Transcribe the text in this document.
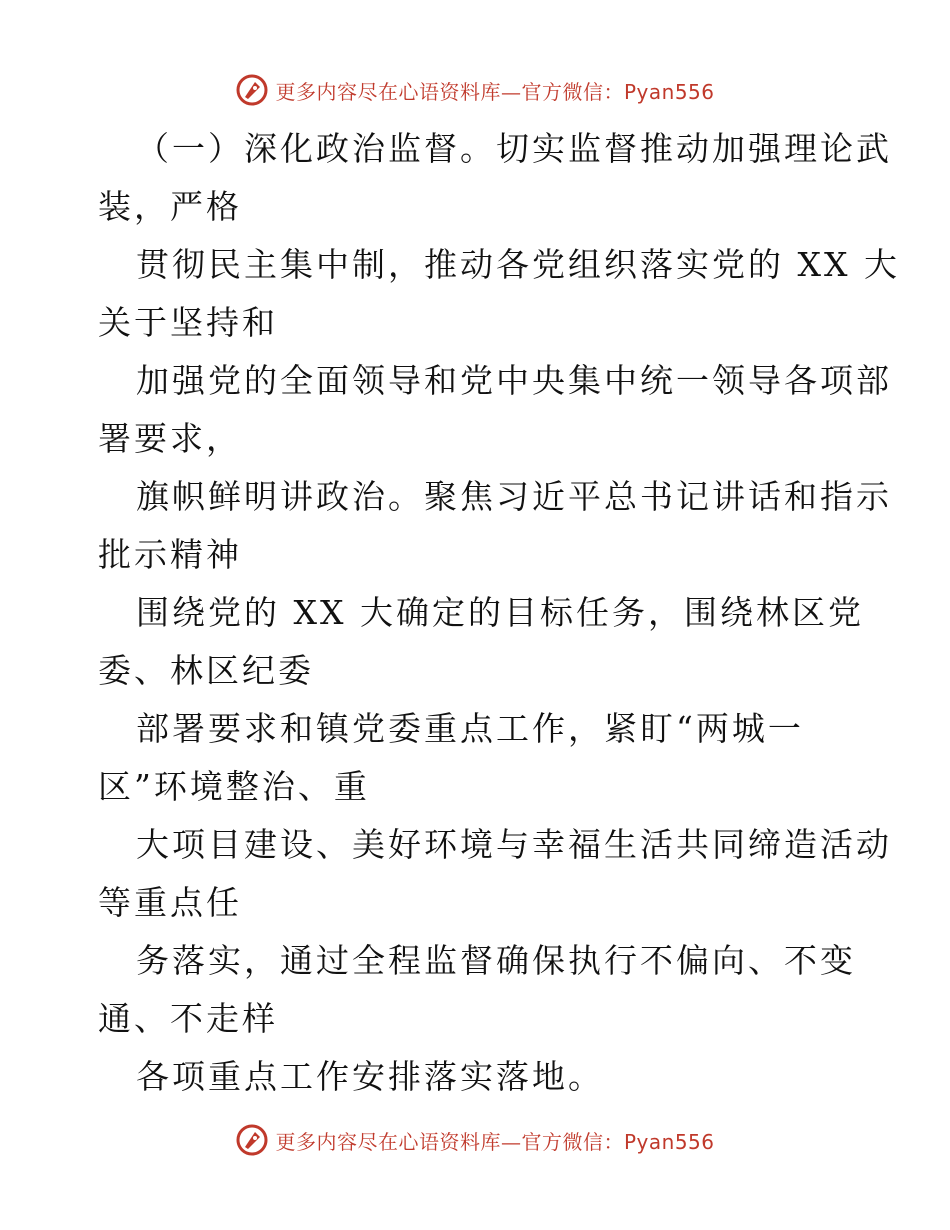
更多内容尽在心语资料库—官方微信：Pyan556
（一）深化政治监督。切实监督推动加强理论武
装，严格
贯彻民主集中制，推动各党组织落实党的 XX 大
关于坚持和
加强党的全面领导和党中央集中统一领导各项部
署要求，
旗帜鲜明讲政治。聚焦习近平总书记讲话和指示
批示精神
围绕党的 XX 大确定的目标任务，围绕林区党
委、林区纪委
部署要求和镇党委重点工作，紧盯“两城一
区”环境整治、重
大项目建设、美好环境与幸福生活共同缔造活动
等重点任
务落实，通过全程监督确保执行不偏向、不变
通、不走样
各项重点工作安排落实落地。
更多内容尽在心语资料库—官方微信：Pyan556
